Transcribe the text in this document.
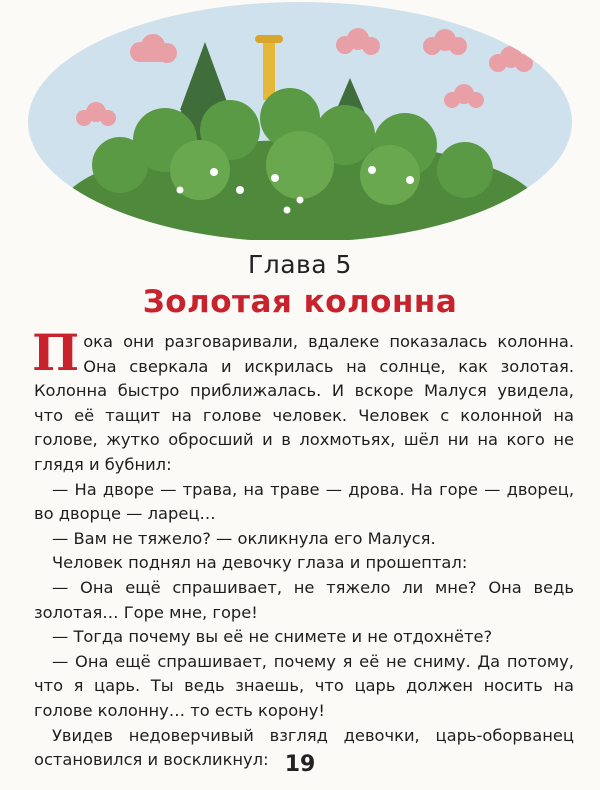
Глава 5
Золотая колонна

Пока они разговаривали, вдалеке показалась колонна. Она сверкала и искрилась на солнце, как золотая. Колонна быстро приближалась. И вскоре Малуся увидела, что её тащит на голове человек. Человек с колонной на голове, жутко обросший и в лохмотьях, шёл ни на кого не глядя и бубнил:

— На дворе — трава, на траве — дрова. На горе — дворец, во дворце — ларец…

— Вам не тяжело? — окликнула его Малуся.

Человек поднял на девочку глаза и прошептал:

— Она ещё спрашивает, не тяжело ли мне? Она ведь золотая… Горе мне, горе!

— Тогда почему вы её не снимете и не отдохнёте?

— Она ещё спрашивает, почему я её не сниму. Да потому, что я царь. Ты ведь знаешь, что царь должен носить на голове колонну… то есть корону!

Увидев недоверчивый взгляд девочки, царь-оборванец остановился и воскликнул: 19
